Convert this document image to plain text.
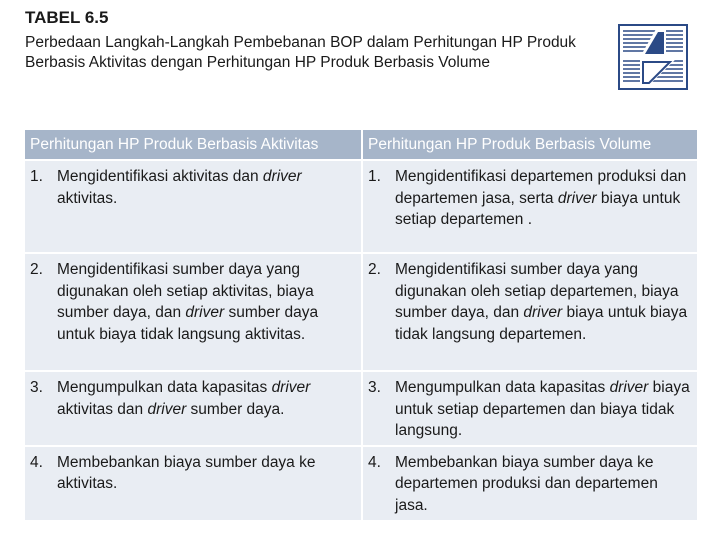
TABEL 6.5
Perbedaan Langkah-Langkah Pembebanan BOP dalam Perhitungan HP Produk Berbasis Aktivitas dengan Perhitungan HP Produk Berbasis Volume
Perhitungan HP Produk Berbasis Aktivitas	Perhitungan HP Produk Berbasis Volume

1. Mengidentifikasi aktivitas dan driver aktivitas.	1. Mengidentifikasi departemen produksi dan departemen jasa, serta driver biaya untuk setiap departemen .

2. Mengidentifikasi sumber daya yang digunakan oleh setiap aktivitas, biaya sumber daya, dan driver sumber daya untuk biaya tidak langsung aktivitas.	2. Mengidentifikasi sumber daya yang digunakan oleh setiap departemen, biaya sumber daya, dan driver biaya untuk biaya tidak langsung departemen.

3. Mengumpulkan data kapasitas driver aktivitas dan driver sumber daya.	3. Mengumpulkan data kapasitas driver biaya untuk setiap departemen dan biaya tidak langsung.

4. Membebankan biaya sumber daya ke aktivitas.	4. Membebankan biaya sumber daya ke departemen produksi dan departemen jasa.
